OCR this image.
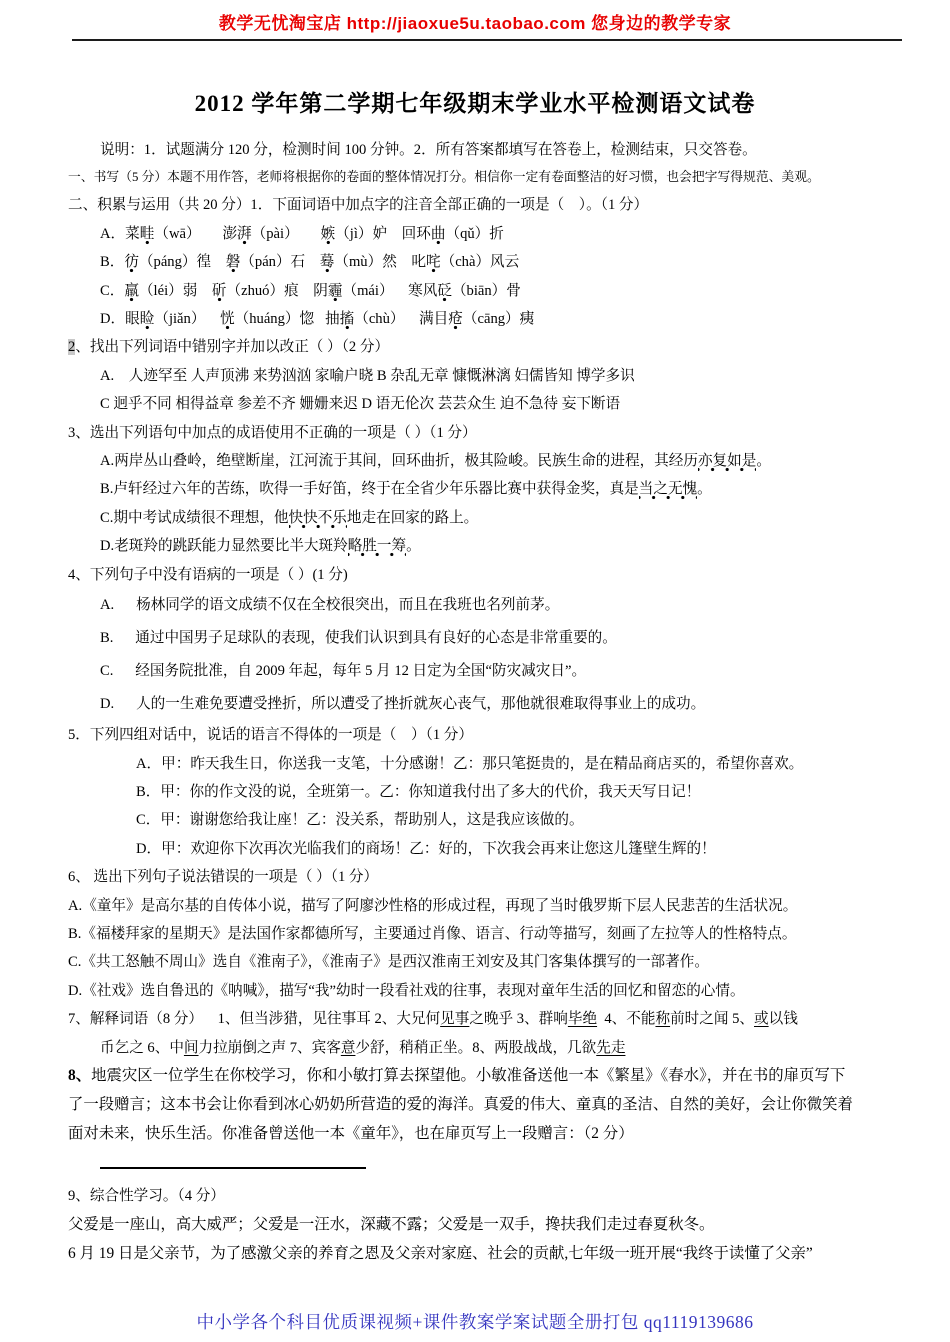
教学无忧淘宝店 http://jiaoxue5u.taobao.com 您身边的教学专家
2012 学年第二学期七年级期末学业水平检测语文试卷

说明：1．试题满分 120 分，检测时间 100 分钟。2．所有答案都填写在答卷上，检测结束，只交答卷。

一、书写（5 分）本题不用作答，老师将根据你的卷面的整体情况打分。相信你一定有卷面整洁的好习惯，也会把字写得规范、美观。

二、积累与运用（共 20 分）1．下面词语中加点字的注音全部正确的一项是（　）。（1 分）

A．菜畦（wā）      澎湃（pài）      嫉（jì）妒    回环曲（qǔ）折

B．彷（páng）徨    磐（pán）石    蓦（mù）然    叱咤（chà）风云

C．羸（léi）弱    斫（zhuó）痕    阴霾（mái）    寒风砭（biān）骨

D．眼睑（jiǎn）    恍（huáng）惚   抽搐（chù）    满目疮（cāng）痍

2、找出下列词语中错别字并加以改正（ ）（2 分）

A.    人迹罕至 人声顶沸 来势汹汹 家喻户晓 B 杂乱无章 慷慨淋漓 妇儒皆知 博学多识

C 迥乎不同 相得益章 参差不齐 姗姗来迟 D 语无伦次 芸芸众生 迫不急待 妄下断语

3、选出下列语句中加点的成语使用不正确的一项是（ ）（1 分）

A.两岸丛山叠岭，绝壁断崖，江河流于其间，回环曲折，极其险峻。民族生命的进程，其经历亦复如是。

B.卢轩经过六年的苦练，吹得一手好笛，终于在全省少年乐器比赛中获得金奖，真是当之无愧。

C.期中考试成绩很不理想，他快快不乐地走在回家的路上。

D.老斑羚的跳跃能力显然要比半大斑羚略胜一筹。

4、下列句子中没有语病的一项是（ ）(1 分)

A.      杨林同学的语文成绩不仅在全校很突出，而且在我班也名列前茅。

B.      通过中国男子足球队的表现，使我们认识到具有良好的心态是非常重要的。

C.      经国务院批准，自 2009 年起，每年 5 月 12 日定为全国“防灾减灾日”。

D.      人的一生难免要遭受挫折，所以遭受了挫折就灰心丧气，那他就很难取得事业上的成功。

5．下列四组对话中，说话的语言不得体的一项是（　）（1 分）

A．甲：昨天我生日，你送我一支笔，十分感谢！乙：那只笔挺贵的，是在精品商店买的，希望你喜欢。

B．甲：你的作文没的说，全班第一。乙：你知道我付出了多大的代价，我天天写日记！

C．甲：谢谢您给我让座！乙：没关系，帮助别人，这是我应该做的。

D．甲：欢迎你下次再次光临我们的商场！乙：好的，下次我会再来让您这儿篷壁生辉的！

6、 选出下列句子说法错误的一项是（ ）（1 分）

A.《童年》是高尔基的自传体小说，描写了阿廖沙性格的形成过程，再现了当时俄罗斯下层人民悲苦的生活状况。

B.《福楼拜家的星期天》是法国作家都德所写，主要通过肖像、语言、行动等描写，刻画了左拉等人的性格特点。

C.《共工怒触不周山》选自《淮南子》，《淮南子》是西汉淮南王刘安及其门客集体撰写的一部著作。

D.《社戏》选自鲁迅的《呐喊》，描写“我”幼时一段看社戏的往事，表现对童年生活的回忆和留恋的心情。

7、解释词语（8 分）    1、但当涉猎，见往事耳 2、大兄何见事之晚乎 3、群响毕绝  4、不能称前时之闻 5、或以钱

币乞之 6、中间力拉崩倒之声 7、宾客意少舒，稍稍正坐。8、两股战战，几欲先走

8、地震灾区一位学生在你校学习，你和小敏打算去探望他。小敏准备送他一本《繁星》《春水》，并在书的扉页写下

了一段赠言；这本书会让你看到冰心奶奶所营造的爱的海洋。真爱的伟大、童真的圣洁、自然的美好，会让你微笑着

面对未来，快乐生活。你准备曾送他一本《童年》，也在扉页写上一段赠言：（2 分）

9、综合性学习。（4 分）

父爱是一座山，高大威严；父爱是一汪水，深藏不露；父爱是一双手，搀扶我们走过春夏秋冬。

6 月 19 日是父亲节，为了感激父亲的养育之恩及父亲对家庭、社会的贡献,七年级一班开展“我终于读懂了父亲”

中小学各个科目优质课视频+课件教案学案试题全册打包 qq1119139686
